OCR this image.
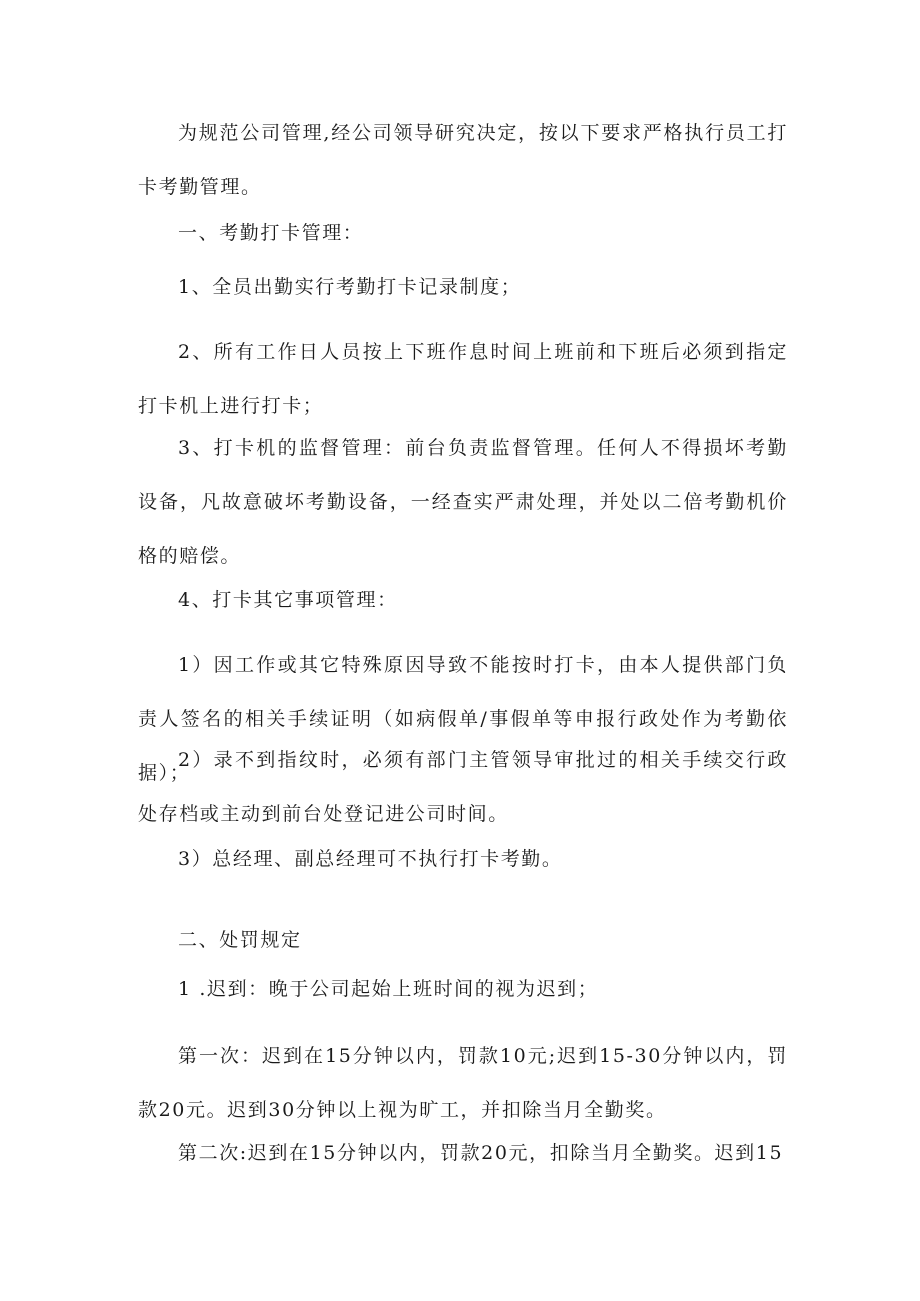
为规范公司管理,经公司领导研究决定，按以下要求严格执行员工打卡考勤管理。

一、考勤打卡管理：

1、全员出勤实行考勤打卡记录制度；

2、所有工作日人员按上下班作息时间上班前和下班后必须到指定打卡机上进行打卡；

3、打卡机的监督管理：前台负责监督管理。任何人不得损坏考勤设备，凡故意破坏考勤设备，一经查实严肃处理，并处以二倍考勤机价格的赔偿。

4、打卡其它事项管理：

1）因工作或其它特殊原因导致不能按时打卡，由本人提供部门负责人签名的相关手续证明（如病假单/事假单等申报行政处作为考勤依据）；

2）录不到指纹时，必须有部门主管领导审批过的相关手续交行政处存档或主动到前台处登记进公司时间。

3）总经理、副总经理可不执行打卡考勤。

二、处罚规定

1 .迟到：晚于公司起始上班时间的视为迟到；

第一次：迟到在15分钟以内，罚款10元;迟到15-30分钟以内，罚款20元。迟到30分钟以上视为旷工，并扣除当月全勤奖。

第二次:迟到在15分钟以内，罚款20元，扣除当月全勤奖。迟到15
